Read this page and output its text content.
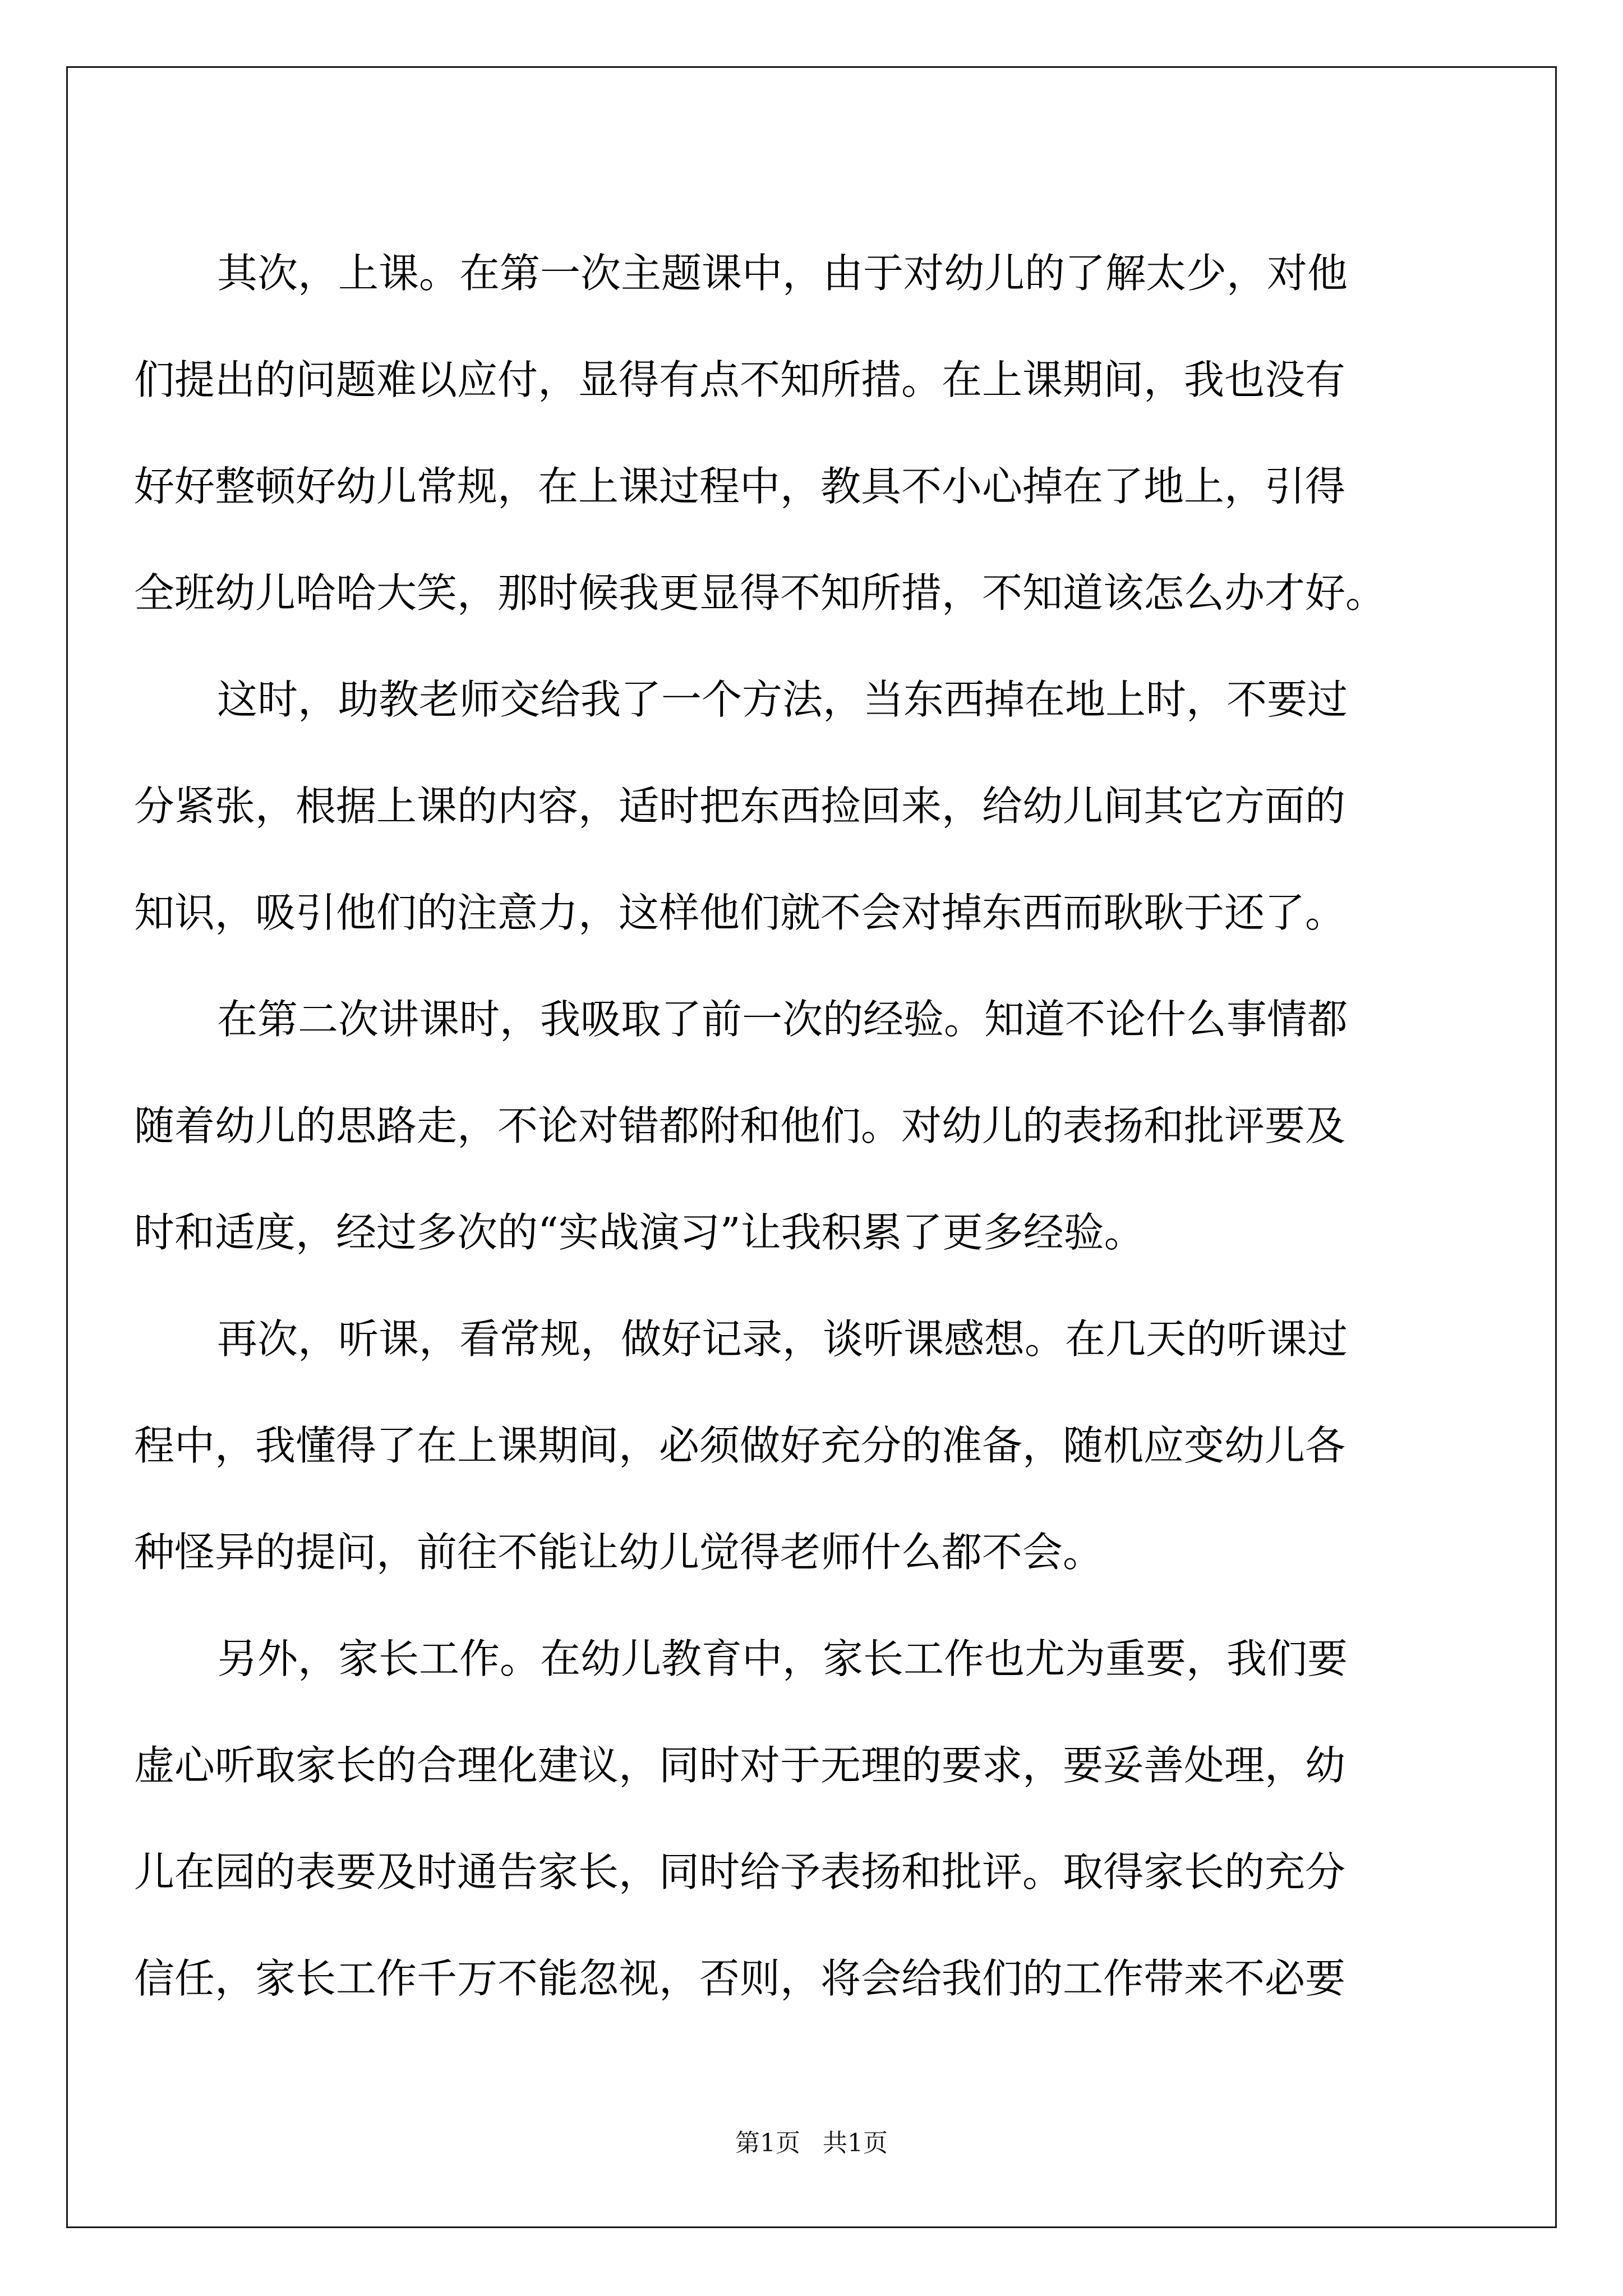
其次，上课。在第一次主题课中，由于对幼儿的了解太少，对他
们提出的问题难以应付，显得有点不知所措。在上课期间，我也没有
好好整顿好幼儿常规，在上课过程中，教具不小心掉在了地上，引得
全班幼儿哈哈大笑，那时候我更显得不知所措，不知道该怎么办才好。
这时，助教老师交给我了一个方法，当东西掉在地上时，不要过
分紧张，根据上课的内容，适时把东西捡回来，给幼儿间其它方面的
知识，吸引他们的注意力，这样他们就不会对掉东西而耿耿于还了。
在第二次讲课时，我吸取了前一次的经验。知道不论什么事情都
随着幼儿的思路走，不论对错都附和他们。对幼儿的表扬和批评要及
时和适度，经过多次的“实战演习”让我积累了更多经验。
再次，听课，看常规，做好记录，谈听课感想。在几天的听课过
程中，我懂得了在上课期间，必须做好充分的准备，随机应变幼儿各
种怪异的提问，前往不能让幼儿觉得老师什么都不会。
另外，家长工作。在幼儿教育中，家长工作也尤为重要，我们要
虚心听取家长的合理化建议，同时对于无理的要求，要妥善处理，幼
儿在园的表要及时通告家长，同时给予表扬和批评。取得家长的充分
信任，家长工作千万不能忽视，否则，将会给我们的工作带来不必要
第1页 共1页
